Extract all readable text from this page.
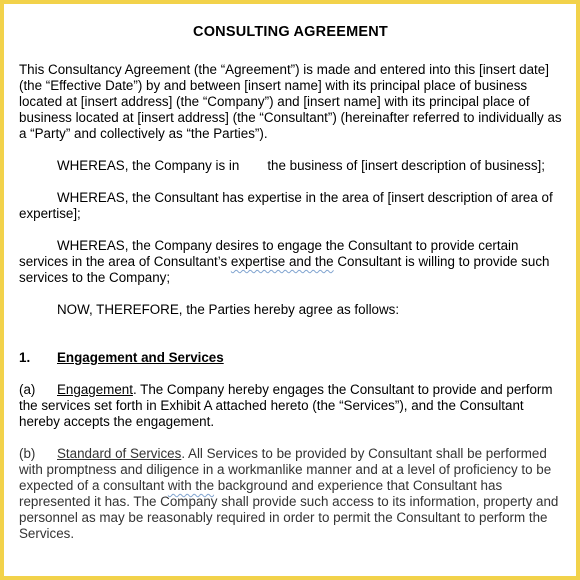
CONSULTING AGREEMENT

This Consultancy Agreement (the “Agreement”) is made and entered into this [insert date] (the “Effective Date”) by and between [insert name] with its principal place of business located at [insert address] (the “Company”) and [insert name] with its principal place of business located at [insert address] (the “Consultant”) (hereinafter referred to individually as a “Party” and collectively as “the Parties”).

WHEREAS, the Company is in the business of [insert description of business];

WHEREAS, the Consultant has expertise in the area of [insert description of area of expertise];

WHEREAS, the Company desires to engage the Consultant to provide certain services in the area of Consultant’s expertise and the Consultant is willing to provide such services to the Company;

NOW, THEREFORE, the Parties hereby agree as follows:

1. Engagement and Services

(a) Engagement. The Company hereby engages the Consultant to provide and perform the services set forth in Exhibit A attached hereto (the “Services”), and the Consultant hereby accepts the engagement.

(b) Standard of Services. All Services to be provided by Consultant shall be performed with promptness and diligence in a workmanlike manner and at a level of proficiency to be expected of a consultant with the background and experience that Consultant has represented it has. The Company shall provide such access to its information, property and personnel as may be reasonably required in order to permit the Consultant to perform the Services.
